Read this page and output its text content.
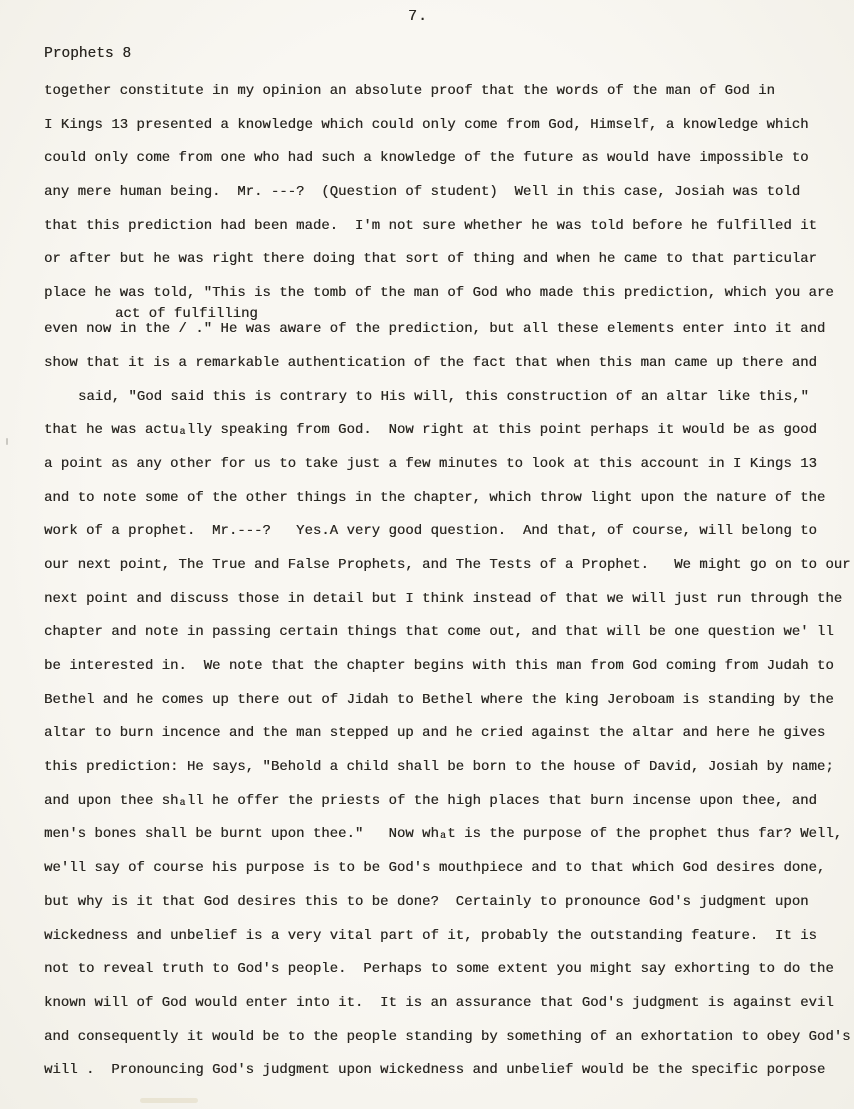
7.
Prophets 8
together constitute in my opinion an absolute proof that the words of the man of God in
I Kings 13 presented a knowledge which could only come from God, Himself, a knowledge which
could only come from one who had such a knowledge of the future as would have impossible to
any mere human being.  Mr. ---?  (Question of student)  Well in this case, Josiah was told
that this prediction had been made.  I'm not sure whether he was told before he fulfilled it
or after but he was right there doing that sort of thing and when he came to that particular
place he was told, "This is the tomb of the man of God who made this prediction, which you are
act of fulfilling
even now in the / ." He was aware of the prediction, but all these elements enter into it and
show that it is a remarkable authentication of the fact that when this man came up there and
said, "God said this is contrary to His will, this construction of an altar like this,"
that he was actuₐlly speaking from God.  Now right at this point perhaps it would be as good
a point as any other for us to take just a few minutes to look at this account in I Kings 13
and to note some of the other things in the chapter, which throw light upon the nature of the
work of a prophet.  Mr.---?   Yes.A very good question.  And that, of course, will belong to
our next point, The True and False Prophets, and The Tests of a Prophet.   We might go on to our
next point and discuss those in detail but I think instead of that we will just run through the
chapter and note in passing certain things that come out, and that will be one question we' ll
be interested in.  We note that the chapter begins with this man from God coming from Judah to
Bethel and he comes up there out of Jidah to Bethel where the king Jeroboam is standing by the
altar to burn incence and the man stepped up and he cried against the altar and here he gives
this prediction: He says, "Behold a child shall be born to the house of David, Josiah by name;
and upon thee shₐll he offer the priests of the high places that burn incense upon thee, and
men's bones shall be burnt upon thee."   Now whₐt is the purpose of the prophet thus far? Well,
we'll say of course his purpose is to be God's mouthpiece and to that which God desires done,
but why is it that God desires this to be done?  Certainly to pronounce God's judgment upon
wickedness and unbelief is a very vital part of it, probably the outstanding feature.  It is
not to reveal truth to God's people.  Perhaps to some extent you might say exhorting to do the
known will of God would enter into it.  It is an assurance that God's judgment is against evil
and consequently it would be to the people standing by something of an exhortation to obey God's
will .  Pronouncing God's judgment upon wickedness and unbelief would be the specific porpose
